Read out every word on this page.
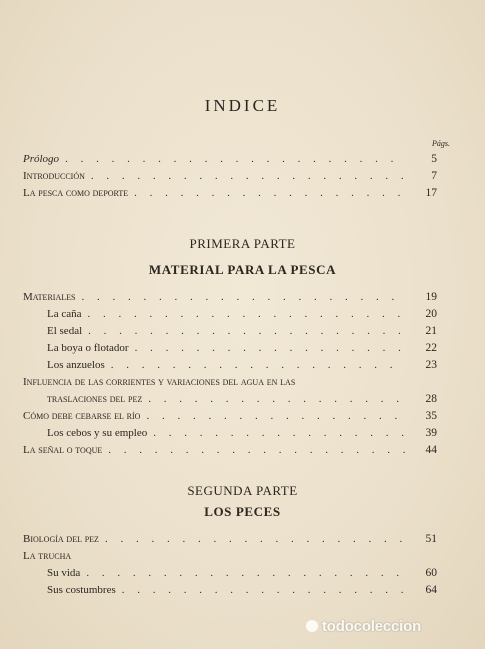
INDICE
Págs.
Prólogo . . .	5
Introducción . . .	7
La pesca como deporte . . .	17
PRIMERA PARTE
MATERIAL PARA LA PESCA
Materiales . . .	19
La caña . . .	20
El sedal . . .	21
La boya o flotador . . .	22
Los anzuelos . . .	23
Influencia de las corrientes y variaciones del agua en las
traslaciones del pez . . .	28
Cómo debe cebarse el río . . .	35
Los cebos y su empleo . . .	39
La señal o toque . . .	44
SEGUNDA PARTE
LOS PECES
Biología del pez . . .	51
La trucha
Su vida . . .	60
Sus costumbres . . .	64
todocoleccion
